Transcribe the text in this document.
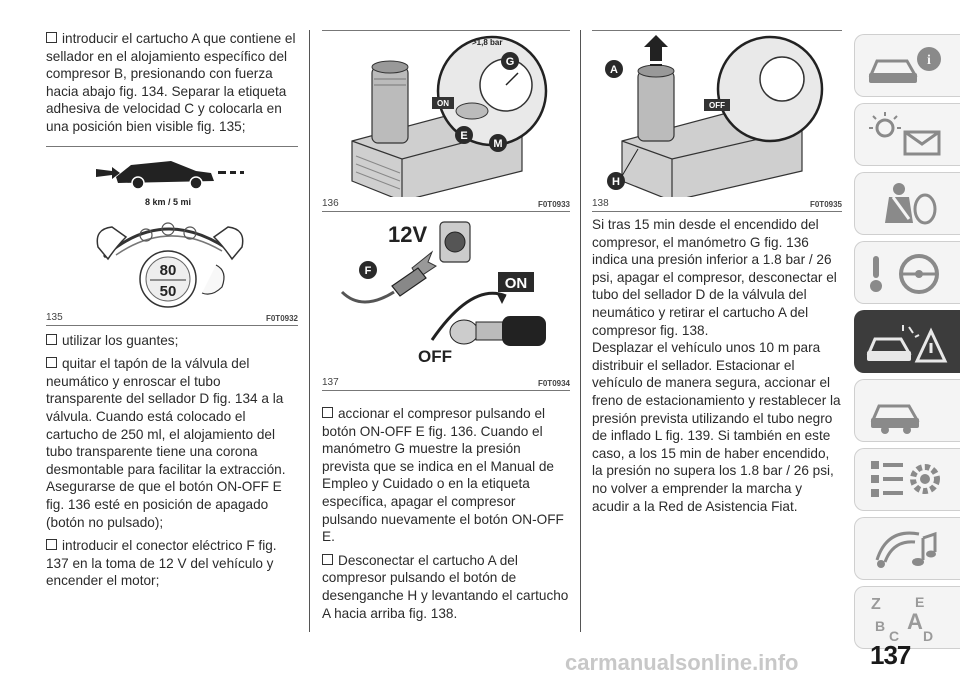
introducir el cartucho A que contiene el sellador en el alojamiento específico del compresor B, presionando con fuerza hacia abajo fig. 134. Separar la etiqueta adhesiva de velocidad C y colocarla en una posición bien visible fig. 135;

8 km / 5 mi
80
50
135	F0T0932

utilizar los guantes;

quitar el tapón de la válvula del neumático y enroscar el tubo transparente del sellador D fig. 134 a la válvula. Cuando está colocado el cartucho de 250 ml, el alojamiento del tubo transparente tiene una corona desmontable para facilitar la extracción. Asegurarse de que el botón ON-OFF E fig. 136 esté en posición de apagado (botón no pulsado);

introducir el conector eléctrico F fig. 137 en la toma de 12 V del vehículo y encender el motor;

>1,8 bar
ON
G
E
M
136	F0T0933
12V
F
ON
OFF
137	F0T0934

accionar el compresor pulsando el botón ON-OFF E fig. 136. Cuando el manómetro G muestre la presión prevista que se indica en el Manual de Empleo y Cuidado o en la etiqueta específica, apagar el compresor pulsando nuevamente el botón ON-OFF E.

Desconectar el cartucho A del compresor pulsando el botón de desenganche H y levantando el cartucho A hacia arriba fig. 138.

OFF
A
H
138	F0T0935

Si tras 15 min desde el encendido del compresor, el manómetro G fig. 136 indica una presión inferior a 1.8 bar / 26 psi, apagar el compresor, desconectar el tubo del sellador D de la válvula del neumático y retirar el cartucho A del compresor fig. 138.

Desplazar el vehículo unos 10 m para distribuir el sellador. Estacionar el vehículo de manera segura, accionar el freno de estacionamiento y restablecer la presión prevista utilizando el tubo negro de inflado L fig. 139. Si también en este caso, a los 15 min de haber encendido, la presión no supera los 1.8 bar / 26 psi, no volver a emprender la marcha y acudir a la Red de Asistencia Fiat.

i
Z E
B A
C D
carmanualsonline.info	137
